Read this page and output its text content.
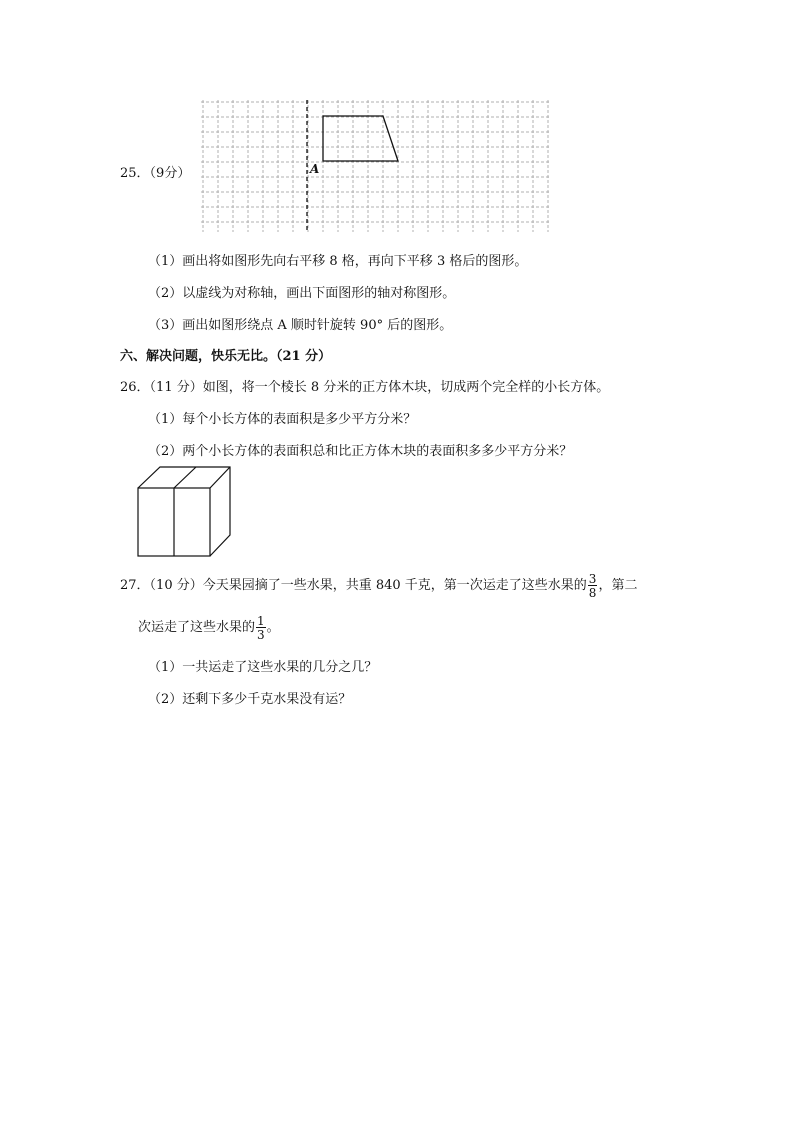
25．（9分）	A
（1）画出将如图形先向右平移 8 格，再向下平移 3 格后的图形。
（2）以虚线为对称轴，画出下面图形的轴对称图形。
（3）画出如图形绕点 A 顺时针旋转 90° 后的图形。
六、解决问题，快乐无比。（21 分）
26．（11 分）如图，将一个棱长 8 分米的正方体木块，切成两个完全样的小长方体。
（1）每个小长方体的表面积是多少平方分米？
（2）两个小长方体的表面积总和比正方体木块的表面积多多少平方分米？
27．（10 分）今天果园摘了一些水果，共重 840 千克，第一次运走了这些水果的 $\frac{3}{8}$ ，第二
次运走了这些水果的 $\frac{1}{3}$ 。
（1）一共运走了这些水果的几分之几？
（2）还剩下多少千克水果没有运？
